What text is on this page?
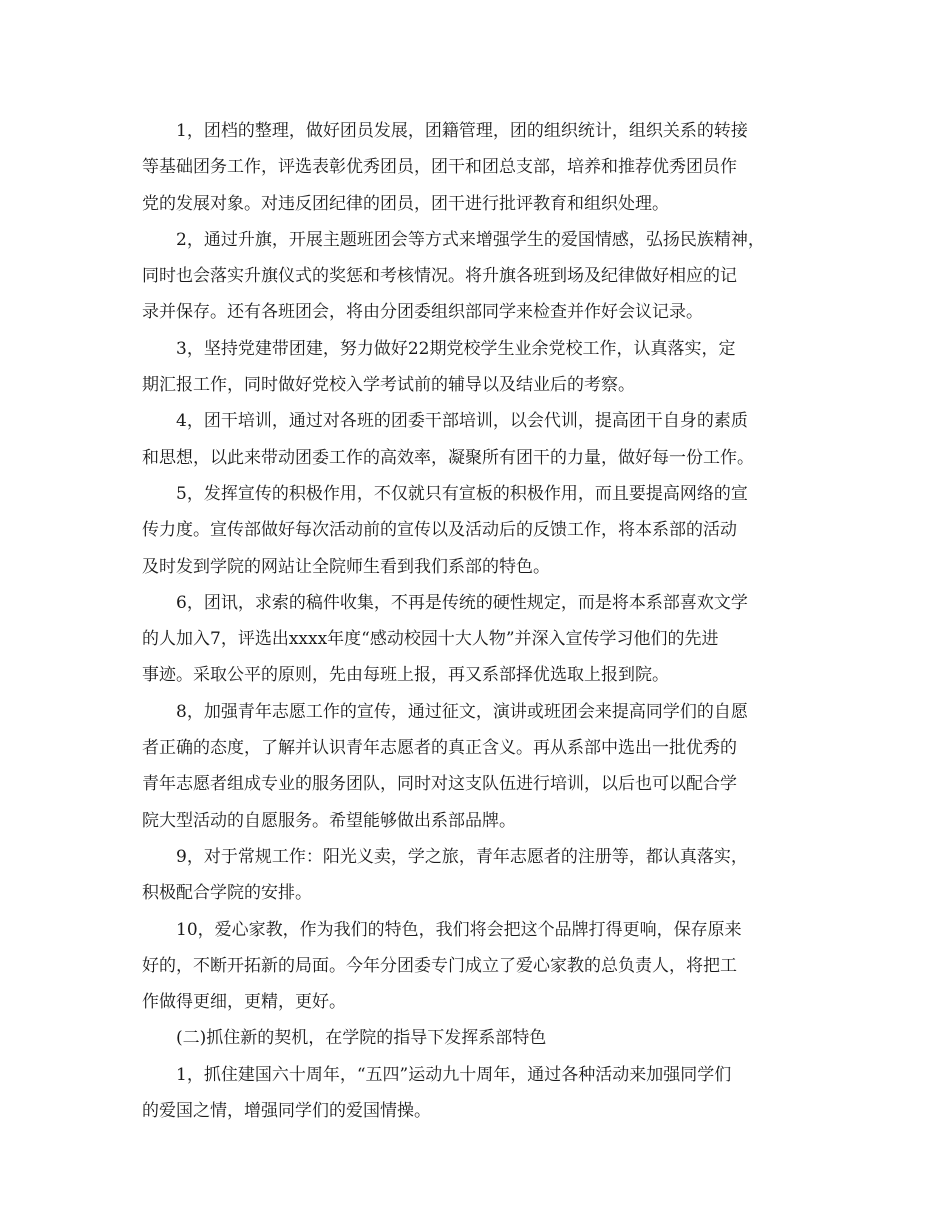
1，团档的整理，做好团员发展，团籍管理，团的组织统计，组织关系的转接
等基础团务工作，评选表彰优秀团员，团干和团总支部，培养和推荐优秀团员作
党的发展对象。对违反团纪律的团员，团干进行批评教育和组织处理。
2，通过升旗，开展主题班团会等方式来增强学生的爱国情感，弘扬民族精神，
同时也会落实升旗仪式的奖惩和考核情况。将升旗各班到场及纪律做好相应的记
录并保存。还有各班团会，将由分团委组织部同学来检查并作好会议记录。
3，坚持党建带团建，努力做好22期党校学生业余党校工作，认真落实，定
期汇报工作，同时做好党校入学考试前的辅导以及结业后的考察。
4，团干培训，通过对各班的团委干部培训，以会代训，提高团干自身的素质
和思想，以此来带动团委工作的高效率，凝聚所有团干的力量，做好每一份工作。
5，发挥宣传的积极作用，不仅就只有宣板的积极作用，而且要提高网络的宣
传力度。宣传部做好每次活动前的宣传以及活动后的反馈工作，将本系部的活动
及时发到学院的网站让全院师生看到我们系部的特色。
6，团讯，求索的稿件收集，不再是传统的硬性规定，而是将本系部喜欢文学
的人加入7，评选出xxxx年度“感动校园十大人物”并深入宣传学习他们的先进
事迹。采取公平的原则，先由每班上报，再又系部择优选取上报到院。
8，加强青年志愿工作的宣传，通过征文，演讲或班团会来提高同学们的自愿
者正确的态度，了解并认识青年志愿者的真正含义。再从系部中选出一批优秀的
青年志愿者组成专业的服务团队，同时对这支队伍进行培训，以后也可以配合学
院大型活动的自愿服务。希望能够做出系部品牌。
9，对于常规工作：阳光义卖，学之旅，青年志愿者的注册等，都认真落实，
积极配合学院的安排。
10，爱心家教，作为我们的特色，我们将会把这个品牌打得更响，保存原来
好的，不断开拓新的局面。今年分团委专门成立了爱心家教的总负责人，将把工
作做得更细，更精，更好。
(二)抓住新的契机，在学院的指导下发挥系部特色
1，抓住建国六十周年，“五四”运动九十周年，通过各种活动来加强同学们
的爱国之情，增强同学们的爱国情操。
